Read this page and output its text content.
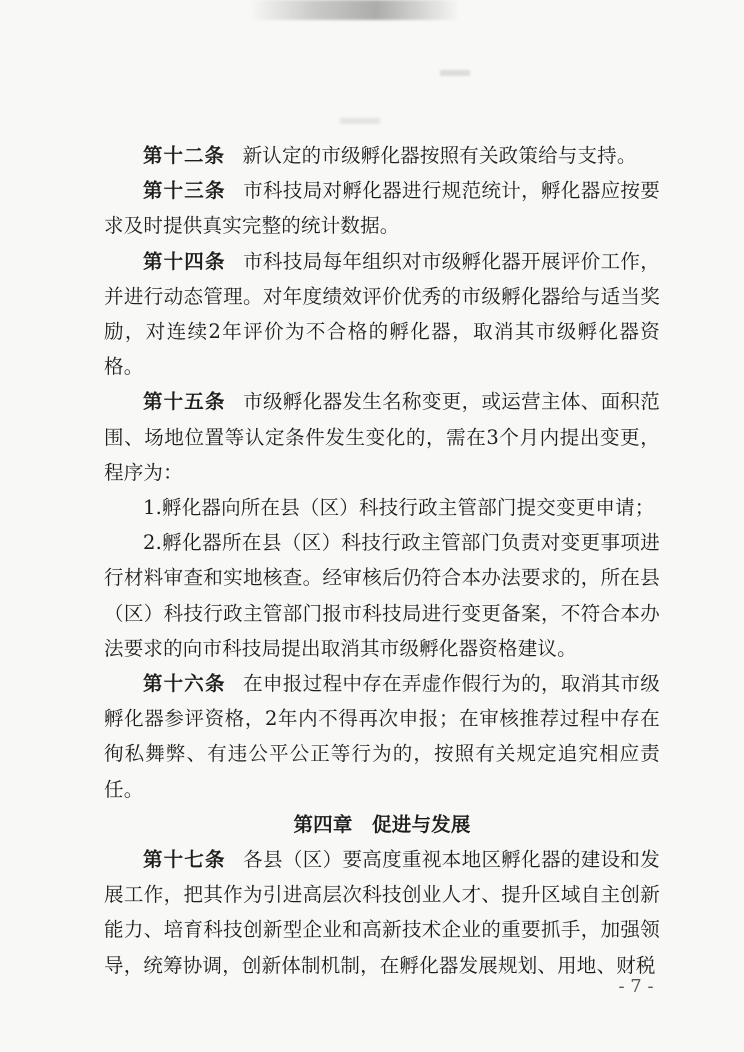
第十二条 新认定的市级孵化器按照有关政策给与支持。

第十三条 市科技局对孵化器进行规范统计，孵化器应按要求及时提供真实完整的统计数据。

第十四条 市科技局每年组织对市级孵化器开展评价工作，并进行动态管理。对年度绩效评价优秀的市级孵化器给与适当奖励，对连续2年评价为不合格的孵化器，取消其市级孵化器资格。

第十五条 市级孵化器发生名称变更，或运营主体、面积范围、场地位置等认定条件发生变化的，需在3个月内提出变更，程序为：

1.孵化器向所在县（区）科技行政主管部门提交变更申请；

2.孵化器所在县（区）科技行政主管部门负责对变更事项进行材料审查和实地核查。经审核后仍符合本办法要求的，所在县（区）科技行政主管部门报市科技局进行变更备案，不符合本办法要求的向市科技局提出取消其市级孵化器资格建议。

第十六条 在申报过程中存在弄虚作假行为的，取消其市级孵化器参评资格，2年内不得再次申报；在审核推荐过程中存在徇私舞弊、有违公平公正等行为的，按照有关规定追究相应责任。

第四章 促进与发展

第十七条 各县（区）要高度重视本地区孵化器的建设和发展工作，把其作为引进高层次科技创业人才、提升区域自主创新能力、培育科技创新型企业和高新技术企业的重要抓手，加强领导，统筹协调，创新体制机制，在孵化器发展规划、用地、财税

- 7 -
